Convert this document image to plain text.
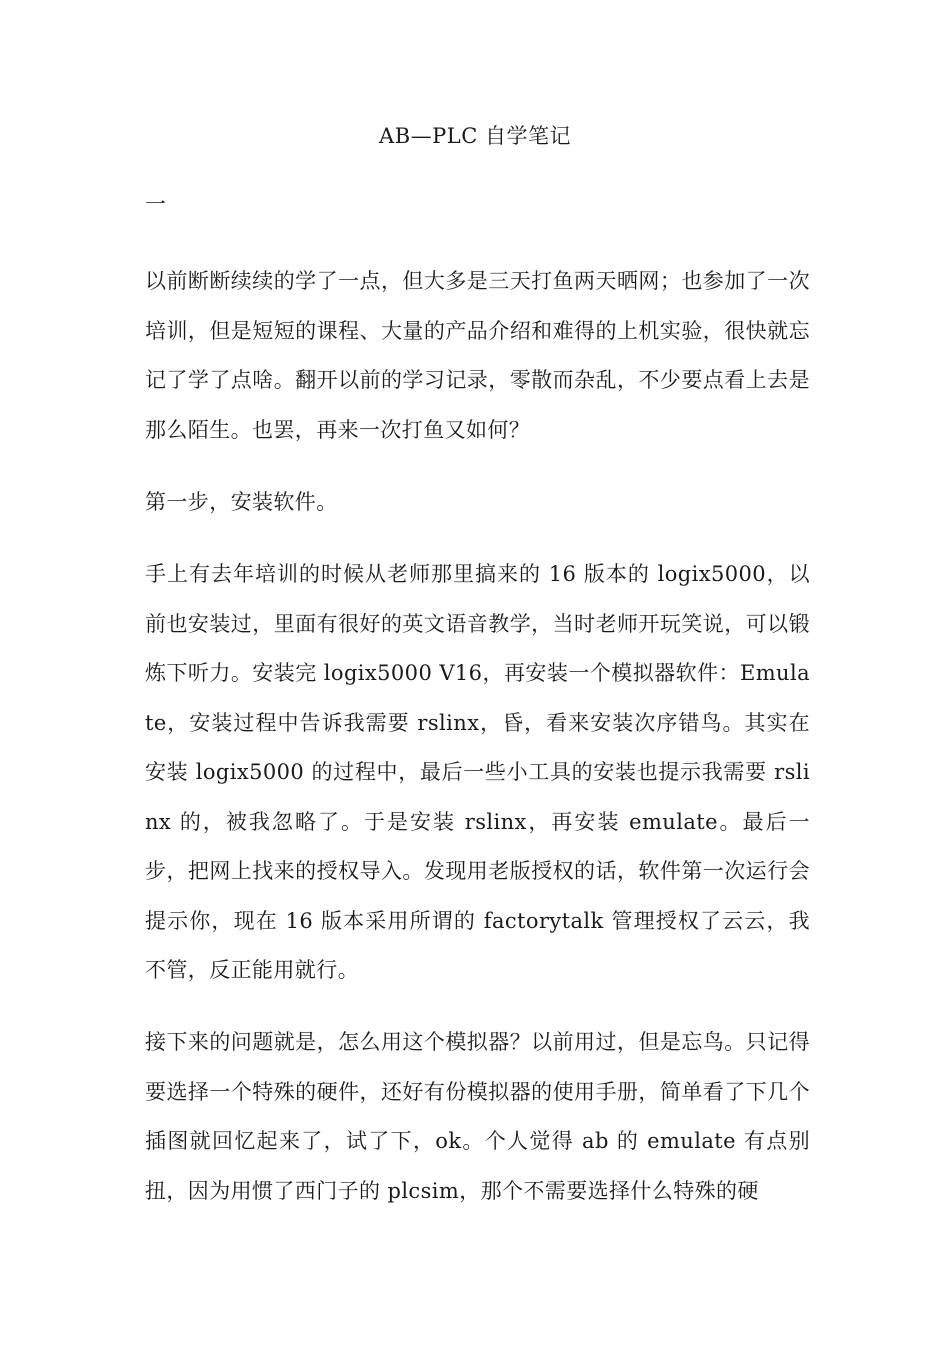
AB—PLC 自学笔记
一

以前断断续续的学了一点，但大多是三天打鱼两天晒网；也参加了一次培训，但是短短的课程、大量的产品介绍和难得的上机实验，很快就忘记了学了点啥。翻开以前的学习记录，零散而杂乱，不少要点看上去是那么陌生。也罢，再来一次打鱼又如何？

第一步，安装软件。

手上有去年培训的时候从老师那里搞来的 16 版本的 logix5000，以前也安装过，里面有很好的英文语音教学，当时老师开玩笑说，可以锻炼下听力。安装完 logix5000 V16，再安装一个模拟器软件：Emulate，安装过程中告诉我需要 rslinx，昏，看来安装次序错鸟。其实在安装 logix5000 的过程中，最后一些小工具的安装也提示我需要 rslinx 的，被我忽略了。于是安装 rslinx，再安装 emulate。最后一步，把网上找来的授权导入。发现用老版授权的话，软件第一次运行会提示你，现在 16 版本采用所谓的 factorytalk 管理授权了云云，我不管，反正能用就行。

接下来的问题就是，怎么用这个模拟器？以前用过，但是忘鸟。只记得要选择一个特殊的硬件，还好有份模拟器的使用手册，简单看了下几个插图就回忆起来了，试了下，ok。个人觉得 ab 的 emulate 有点别扭，因为用惯了西门子的 plcsim，那个不需要选择什么特殊的硬
